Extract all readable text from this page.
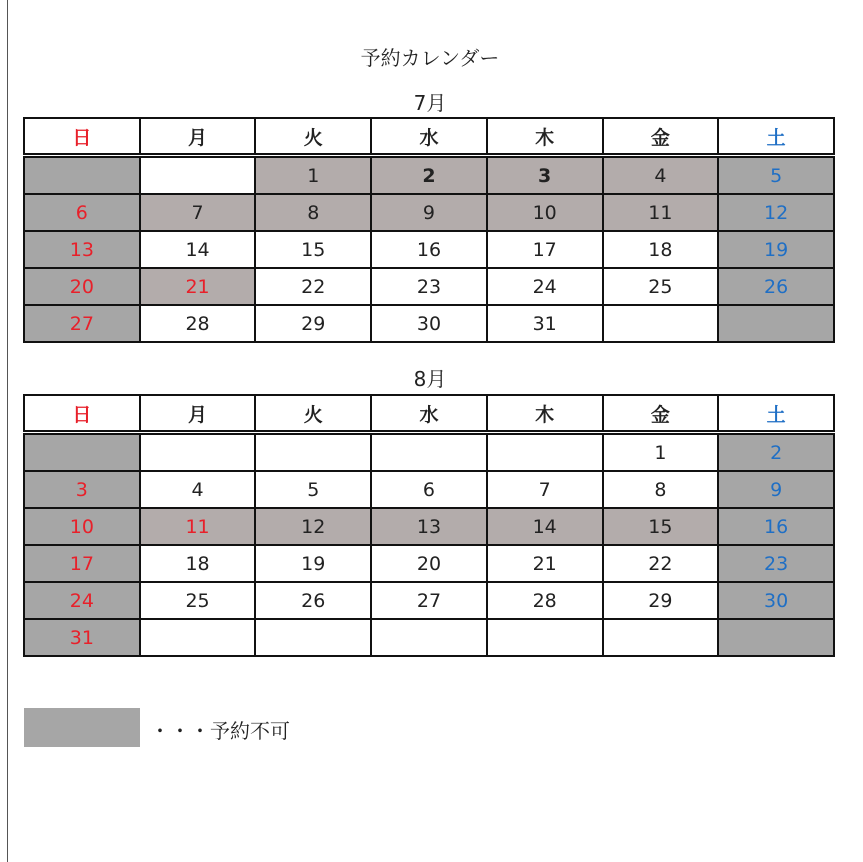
予約カレンダー
7月
日	月	火	水	木	金	土
		1	2	3	4	5
6	7	8	9	10	11	12
13	14	15	16	17	18	19
20	21	22	23	24	25	26
27	28	29	30	31		
8月
日	月	火	水	木	金	土
					1	2
3	4	5	6	7	8	9
10	11	12	13	14	15	16
17	18	19	20	21	22	23
24	25	26	27	28	29	30
31						
・・・予約不可
